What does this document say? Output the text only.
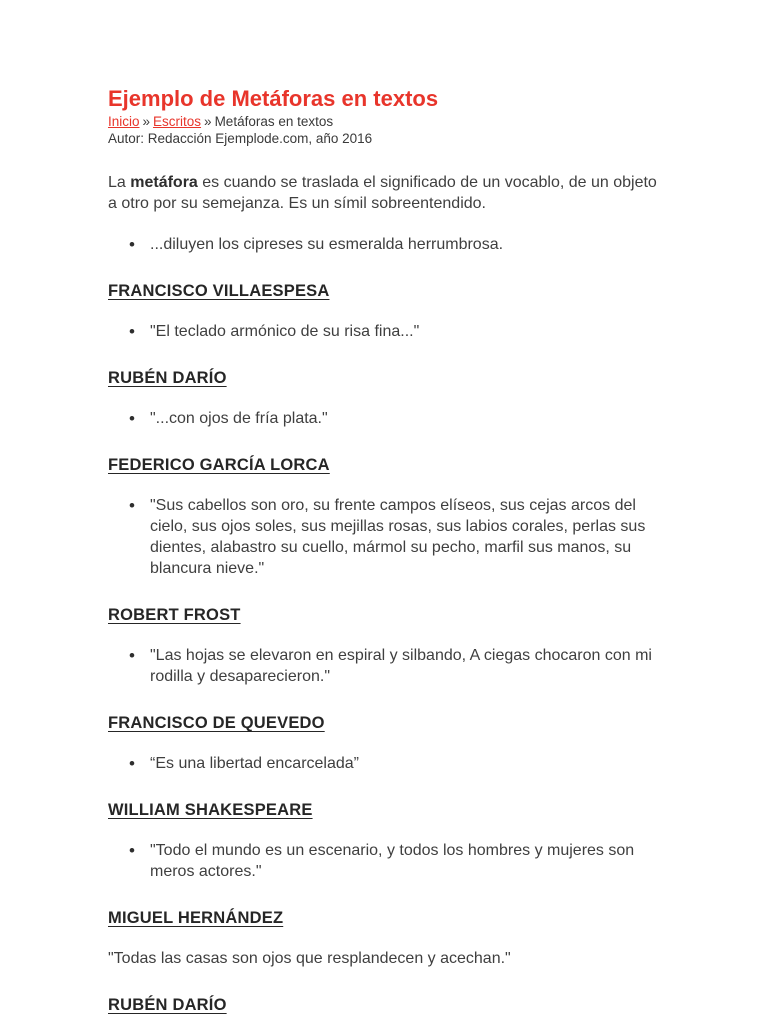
Ejemplo de Metáforas en textos
Inicio » Escritos » Metáforas en textos

Autor: Redacción Ejemplode.com, año 2016

La metáfora es cuando se traslada el significado de un vocablo, de un objeto a otro por su semejanza. Es un símil sobreentendido.

• ...diluyen los cipreses su esmeralda herrumbrosa.
FRANCISCO VILLAESPESA
• "El teclado armónico de su risa fina..."
RUBÉN DARÍO
• "...con ojos de fría plata."
FEDERICO GARCÍA LORCA
• "Sus cabellos son oro, su frente campos elíseos, sus cejas arcos del cielo, sus ojos soles, sus mejillas rosas, sus labios corales, perlas sus dientes, alabastro su cuello, mármol su pecho, marfil sus manos, su blancura nieve."
ROBERT FROST
• "Las hojas se elevaron en espiral y silbando, A ciegas chocaron con mi rodilla y desaparecieron."
FRANCISCO DE QUEVEDO
• “Es una libertad encarcelada”
WILLIAM SHAKESPEARE
• "Todo el mundo es un escenario, y todos los hombres y mujeres son meros actores."
MIGUEL HERNÁNDEZ

"Todas las casas son ojos que resplandecen y acechan."

RUBÉN DARÍO
